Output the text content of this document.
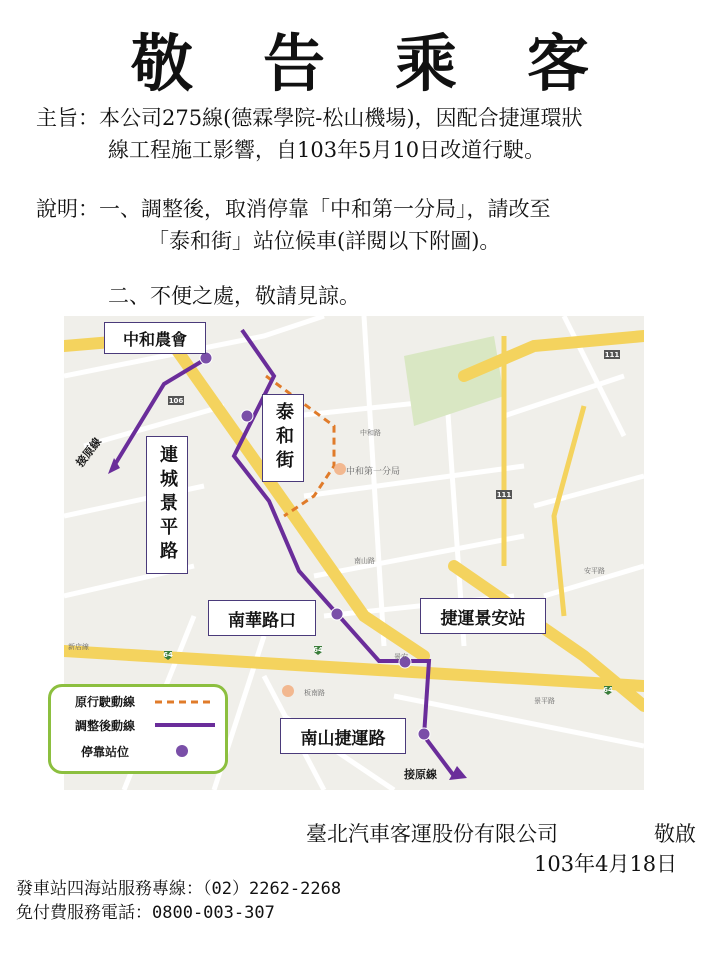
敬 告 乘 客
主旨：本公司275線(德霖學院-松山機場)，因配合捷運環狀
線工程施工影響，自103年5月10日改道行駛。
說明：一、調整後，取消停靠「中和第一分局」，請改至
「泰和街」站位候車(詳閱以下附圖)。
二、不便之處，敬請見諒。
106
111
111
64
64
64
中和第一分局
中和路
新店線
南山路
安平路
景平路
景安
板南路
中和農會
連城景平路
泰和街
南華路口	捷運景安站
南山捷運路
接原線
接原線
原行駛動線
調整後動線
停靠站位
臺北汽車客運股份有限公司	敬啟
103年4月18日
發車站四海站服務專線：（02）2262-2268
免付費服務電話：0800-003-307
